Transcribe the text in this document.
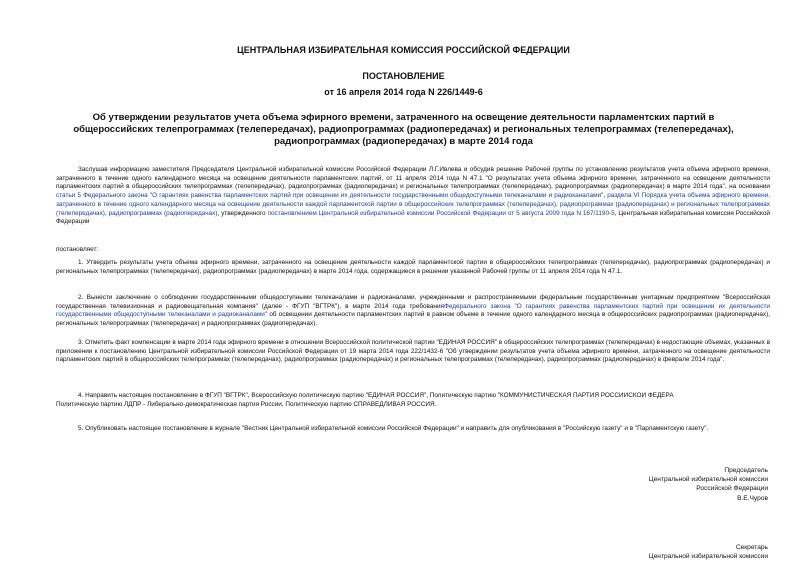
ЦЕНТРАЛЬНАЯ ИЗБИРАТЕЛЬНАЯ КОМИССИЯ РОССИЙСКОЙ ФЕДЕРАЦИИ
ПОСТАНОВЛЕНИЕ
от 16 апреля 2014 года N 226/1449-6
Об утверждении результатов учета объема эфирного времени, затраченного на освещение деятельности парламентских партий в общероссийских телепрограммах (телепередачах), радиопрограммах (радиопередачах) и региональных телепрограммах (телепередачах), радиопрограммах (радиопередачах) в марте 2014 года
Заслушав информацию заместителя Председателя Центральной избирательной комиссии Российской Федерации Л.Г.Ивлева и обсудив решение Рабочей группы по установлению результатов учета объема эфирного времени, затраченного в течение одного календарного месяца на освещение деятельности парламентских партий, от 11 апреля 2014 года N 47.1 "О результатах учета объема эфирного времени, затраченного на освещение деятельности парламентских партий в общероссийских телепрограммах (телепередачах), радиопрограммах (радиопередачах) и региональных телепрограммах (телепередачах), радиопрограммах (радиопередачах) в марте 2014 года", на основании статьи 5 Федерального закона "О гарантиях равенства парламентских партий при освещении их деятельности государственными общедоступными телеканалами и радиоканалами", раздела VI Порядка учета объема эфирного времени, затраченного в течение одного календарного месяца на освещение деятельности каждой парламентской партии в общероссийских телепрограммах (телепередачах), радиопрограммах (радиопередачах) и региональных телепрограммах (телепередачах), радиопрограммах (радиопередачах), утвержденного постановлением Центральной избирательной комиссии Российской Федерации от 5 августа 2009 года N 167/1190-5, Центральная избирательная комиссия Российской Федерации
постановляет:
1. Утвердить результаты учета объема эфирного времени, затраченного на освещение деятельности каждой парламентской партии в общероссийских телепрограммах (телепередачах), радиопрограммах (радиопередачах) и региональных телепрограммах (телепередачах), радиопрограммах (радиопередачах) в марте 2014 года, содержащиеся в решении указанной Рабочей группы от 11 апреля 2014 года N 47.1.
2. Вынести заключение о соблюдении государственными общедоступными телеканалами и радиоканалами, учрежденными и распространяемыми федеральным государственным унитарным предприятием "Всероссийская государственная телевизионная и радиовещательная компания" (далее - ФГУП "ВГТРК"), в марте 2014 года требованияФедерального закона "О гарантиях равенства парламентских партий при освещении их деятельности государственными общедоступными телеканалами и радиоканалами" об освещении деятельности парламентских партий в равном объеме в течение одного календарного месяца в общероссийских радиопрограммах (радиопередачах), региональных телепрограммах (телепередачах) и радиопрограммах (радиопередачах).
3. Отметить факт компенсации в марте 2014 года эфирного времени в отношении Всероссийской политической партии "ЕДИНАЯ РОССИЯ" в общероссийских телепрограммах (телепередачах) в недостающие объемах, указанных в приложении к постановлению Центральной избирательной комиссии Российской Федерации от 19 марта 2014 года 222/1432-6 "Об утверждении результатов учета объема эфирного времени, затраченного на освещение деятельности парламентских партий в общероссийских телепрограммах (телепередачах), радиопрограммах (радиопередачах) и региональных телепрограммах (телепередачах), радиопрограммах (радиопередачах) в феврале 2014 года".
4. Направить настоящее постановление в ФГУП "ВГТРК", Всероссийскую политическую партию "ЕДИНАЯ РОССИЯ", Политическую партию "КОММУНИСТИЧЕСКАЯ ПАРТИЯ РОССИЙСКОЙ ФЕДЕРА
Политическую партию ЛДПР - Либерально-демократическая партия России, Политическую партию СПРАВЕДЛИВАЯ РОССИЯ.
5. Опубликовать настоящее постановление в журнале "Вестник Центральной избирательной комиссии Российской Федерации" и направить для опубликования в "Российскую газету" и в "Парламентскую газету".
Председатель
Центральной избирательной комиссии
Российской Федерации
В.Е.Чуров
Секретарь
Центральной избирательной комиссии
